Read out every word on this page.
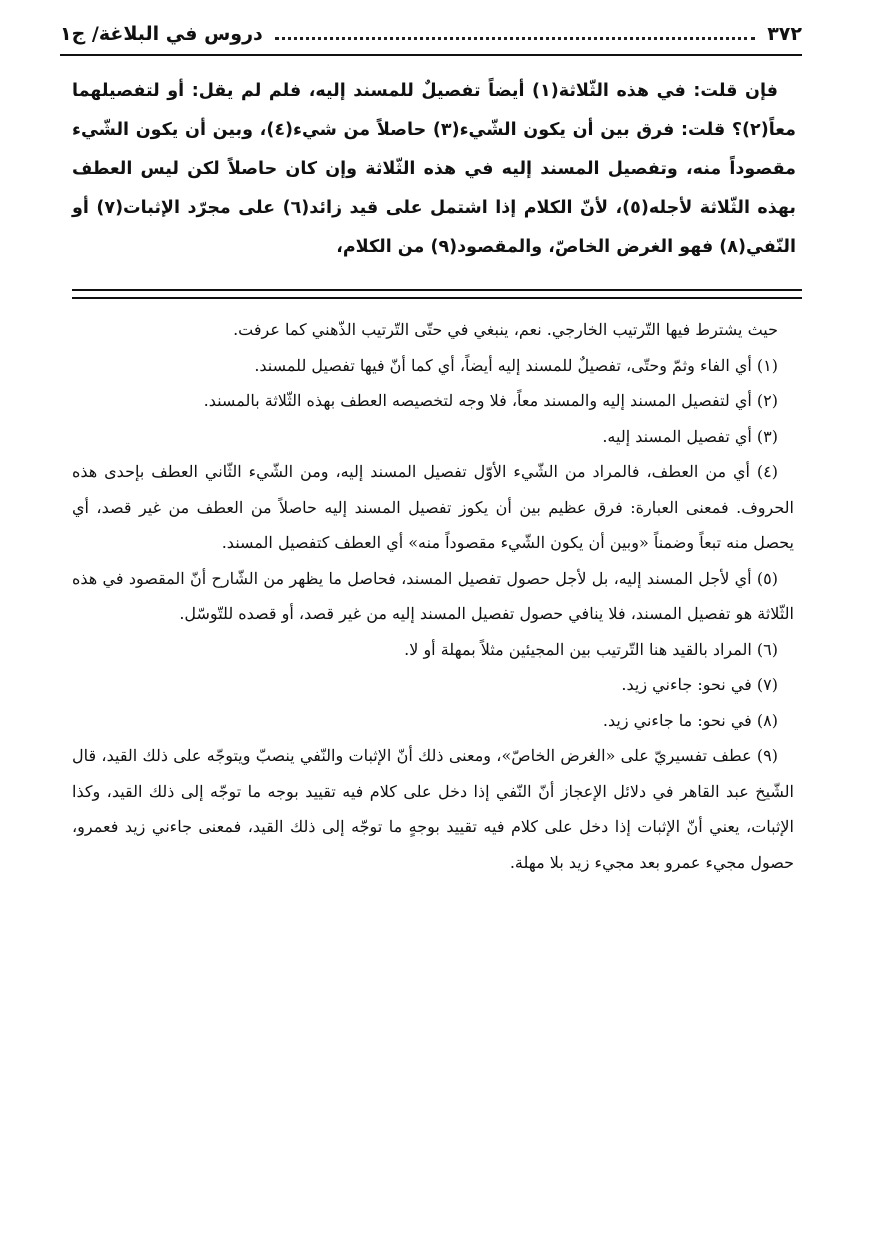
٣٧٢
دروس في البلاغة/ ج١

فإن قلت: في هذه الثّلاثة(١) أيضاً تفصيلٌ للمسند إليه، فلم لم يقل: أو لتفصيلهما معاً(٢)؟ قلت: فرق بين أن يكون الشّيء(٣) حاصلاً من شيء(٤)، وبين أن يكون الشّيء مقصوداً منه، وتفصيل المسند إليه في هذه الثّلاثة وإن كان حاصلاً لكن ليس العطف بهذه الثّلاثة لأجله(٥)، لأنّ الكلام إذا اشتمل على قيد زائد(٦) على مجرّد الإثبات(٧) أو النّفي(٨) فهو الغرض الخاصّ، والمقصود(٩) من الكلام،

حيث يشترط فيها التّرتيب الخارجي. نعم، ينبغي في حتّى التّرتيب الذّهني كما عرفت.

(١) أي الفاء وثمّ وحتّى، تفصيلٌ للمسند إليه أيضاً، أي كما أنّ فيها تفصيل للمسند.

(٢) أي لتفصيل المسند إليه والمسند معاً، فلا وجه لتخصيصه العطف بهذه الثّلاثة بالمسند.

(٣) أي تفصيل المسند إليه.

(٤) أي من العطف، فالمراد من الشّيء الأوّل تفصيل المسند إليه، ومن الشّيء الثّاني العطف بإحدى هذه الحروف. فمعنى العبارة: فرق عظيم بين أن يكوز تفصيل المسند إليه حاصلاً من العطف من غير قصد، أي يحصل منه تبعاً وضمناً «وبين أن يكون الشّيء مقصوداً منه» أي العطف كتفصيل المسند.

(٥) أي لأجل المسند إليه، بل لأجل حصول تفصيل المسند، فحاصل ما يظهر من الشّارح أنّ المقصود في هذه الثّلاثة هو تفصيل المسند، فلا ينافي حصول تفصيل المسند إليه من غير قصد، أو قصده للتّوسّل.

(٦) المراد بالقيد هنا التّرتيب بين المجيئين مثلاً بمهلة أو لا.

(٧) في نحو: جاءني زيد.

(٨) في نحو: ما جاءني زيد.

(٩) عطف تفسيريّ على «الغرض الخاصّ»، ومعنى ذلك أنّ الإثبات والنّفي ينصبّ ويتوجّه على ذلك القيد، قال الشّيخ عبد القاهر في دلائل الإعجاز أنّ النّفي إذا دخل على كلام فيه تقييد بوجه ما توجّه إلى ذلك القيد، وكذا الإثبات، يعني أنّ الإثبات إذا دخل على كلام فيه تقييد بوجهٍ ما توجّه إلى ذلك القيد، فمعنى جاءني زيد فعمرو، حصول مجيء عمرو بعد مجيء زيد بلا مهلة.
